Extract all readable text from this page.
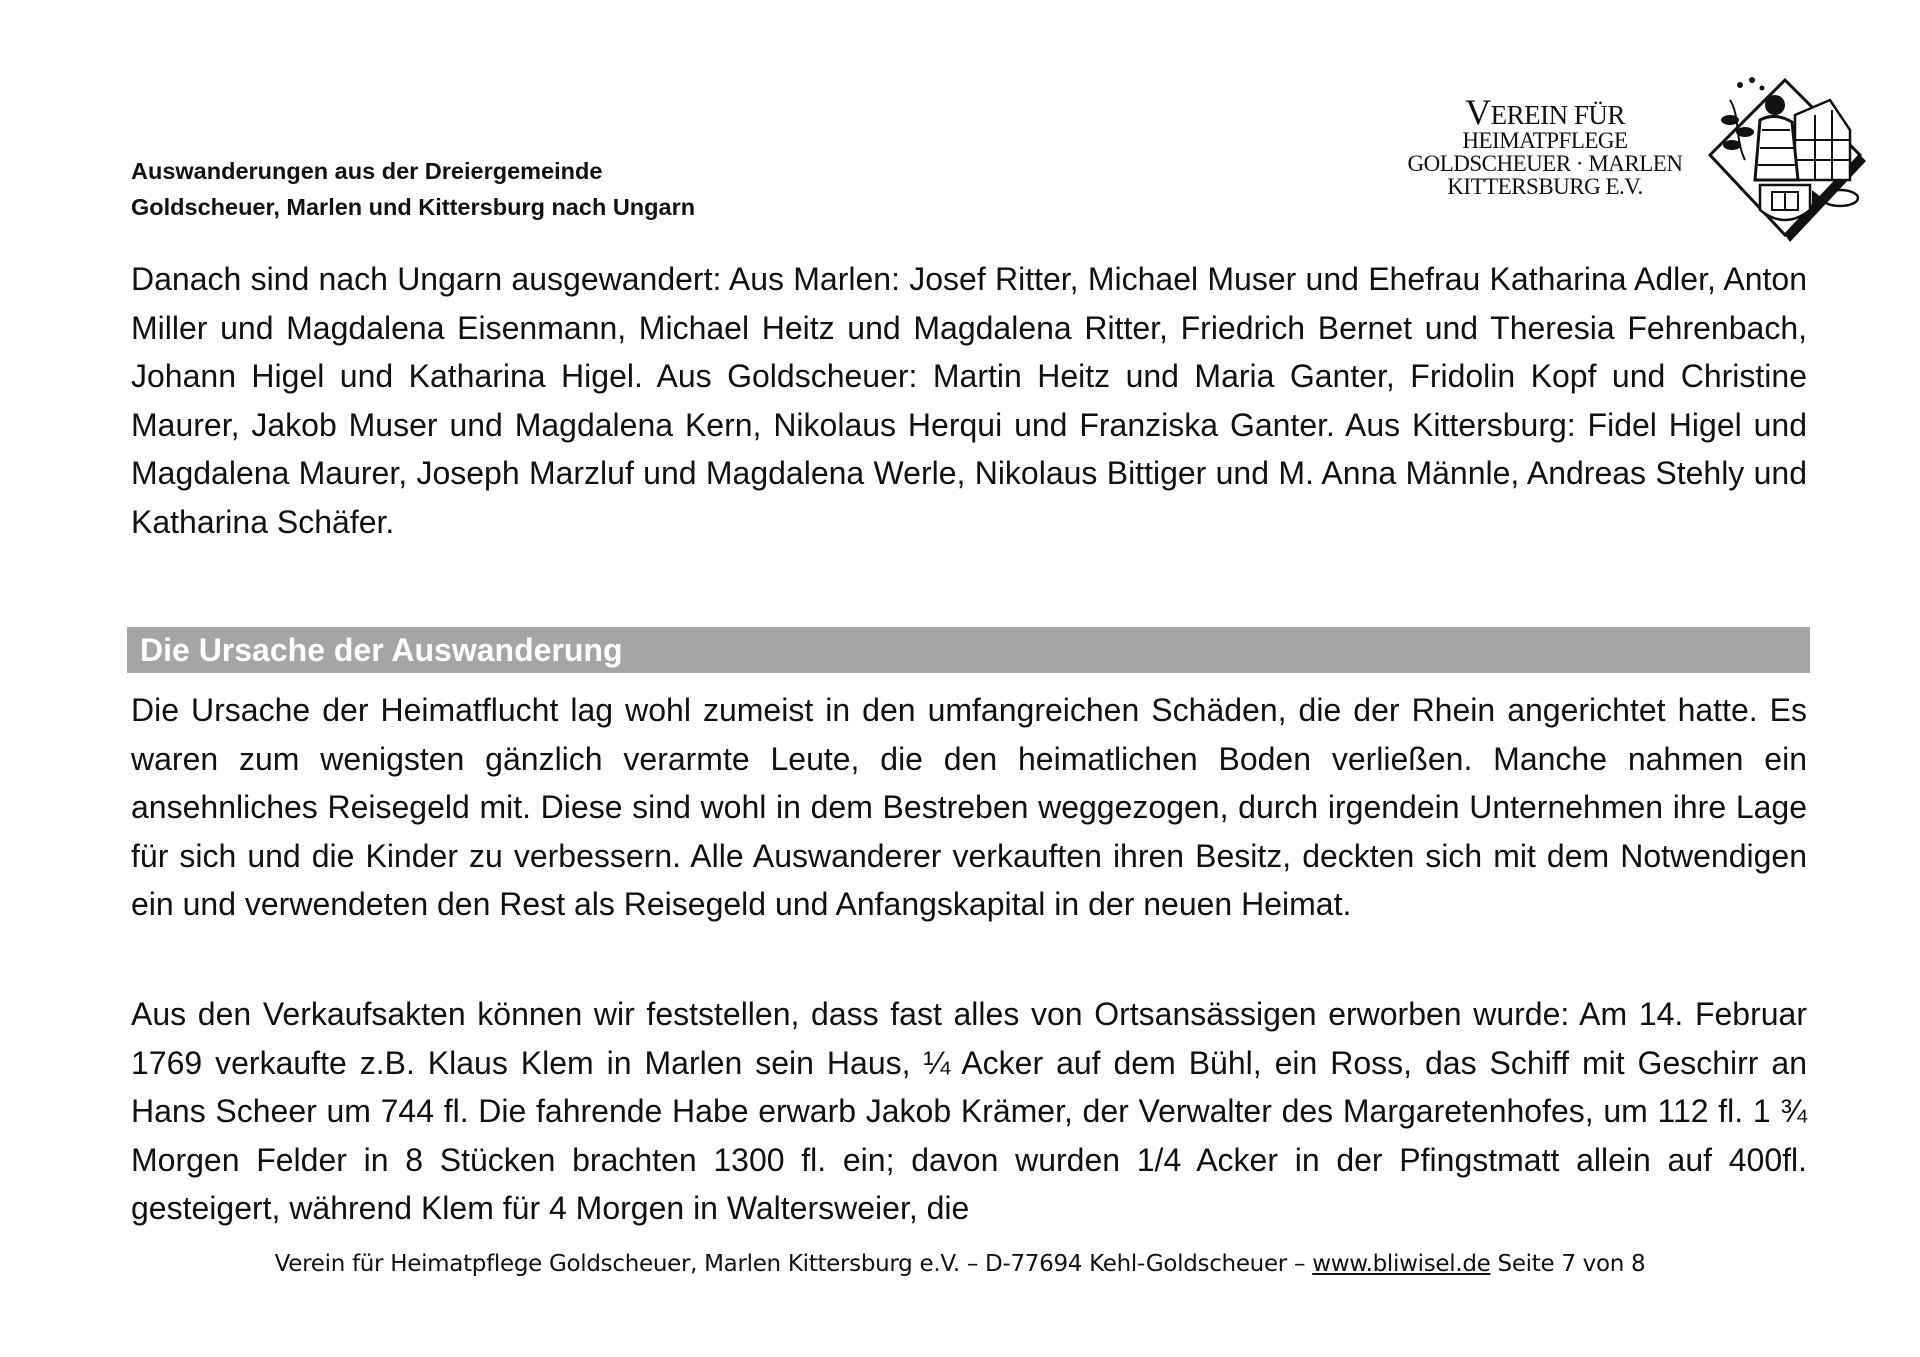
Auswanderungen aus der Dreiergemeinde
Goldscheuer, Marlen und Kittersburg nach Ungarn
VEREIN FÜR
HEIMATPFLEGE
GOLDSCHEUER · MARLEN
KITTERSBURG E.V.

Danach sind nach Ungarn ausgewandert: Aus Marlen: Josef Ritter, Michael Muser und Ehefrau Katharina Adler, Anton Miller und Magdalena Eisenmann, Michael Heitz und Magdalena Ritter, Friedrich Bernet und Theresia Fehrenbach, Johann Higel und Katharina Higel. Aus Goldscheuer: Martin Heitz und Maria Ganter, Fridolin Kopf und Christine Maurer, Jakob Muser und Magdalena Kern, Nikolaus Herqui und Franziska Ganter. Aus Kittersburg: Fidel Higel und Magdalena Maurer, Joseph Marzluf und Magdalena Werle, Nikolaus Bittiger und M. Anna Männle, Andreas Stehly und Katharina Schäfer.

Die Ursache der Auswanderung

Die Ursache der Heimatflucht lag wohl zumeist in den umfangreichen Schäden, die der Rhein angerichtet hatte. Es waren zum wenigsten gänzlich verarmte Leute, die den heimatlichen Boden verließen. Manche nahmen ein ansehnliches Reisegeld mit. Diese sind wohl in dem Bestreben weggezogen, durch irgendein Unternehmen ihre Lage für sich und die Kinder zu verbessern. Alle Auswanderer verkauften ihren Besitz, deckten sich mit dem Notwendigen ein und verwendeten den Rest als Reisegeld und Anfangskapital in der neuen Heimat.

Aus den Verkaufsakten können wir feststellen, dass fast alles von Ortsansässigen erworben wurde: Am 14. Februar 1769 verkaufte z.B. Klaus Klem in Marlen sein Haus, ¼ Acker auf dem Bühl, ein Ross, das Schiff mit Geschirr an Hans Scheer um 744 fl. Die fahrende Habe erwarb Jakob Krämer, der Verwalter des Margaretenhofes, um 112 fl. 1 ¾ Morgen Felder in 8 Stücken brachten 1300 fl. ein; davon wurden 1/4 Acker in der Pfingstmatt allein auf 400fl. gesteigert, während Klem für 4 Morgen in Waltersweier, die

Verein für Heimatpflege Goldscheuer, Marlen Kittersburg e.V. – D-77694 Kehl-Goldscheuer – www.bliwisel.de Seite 7 von 8
